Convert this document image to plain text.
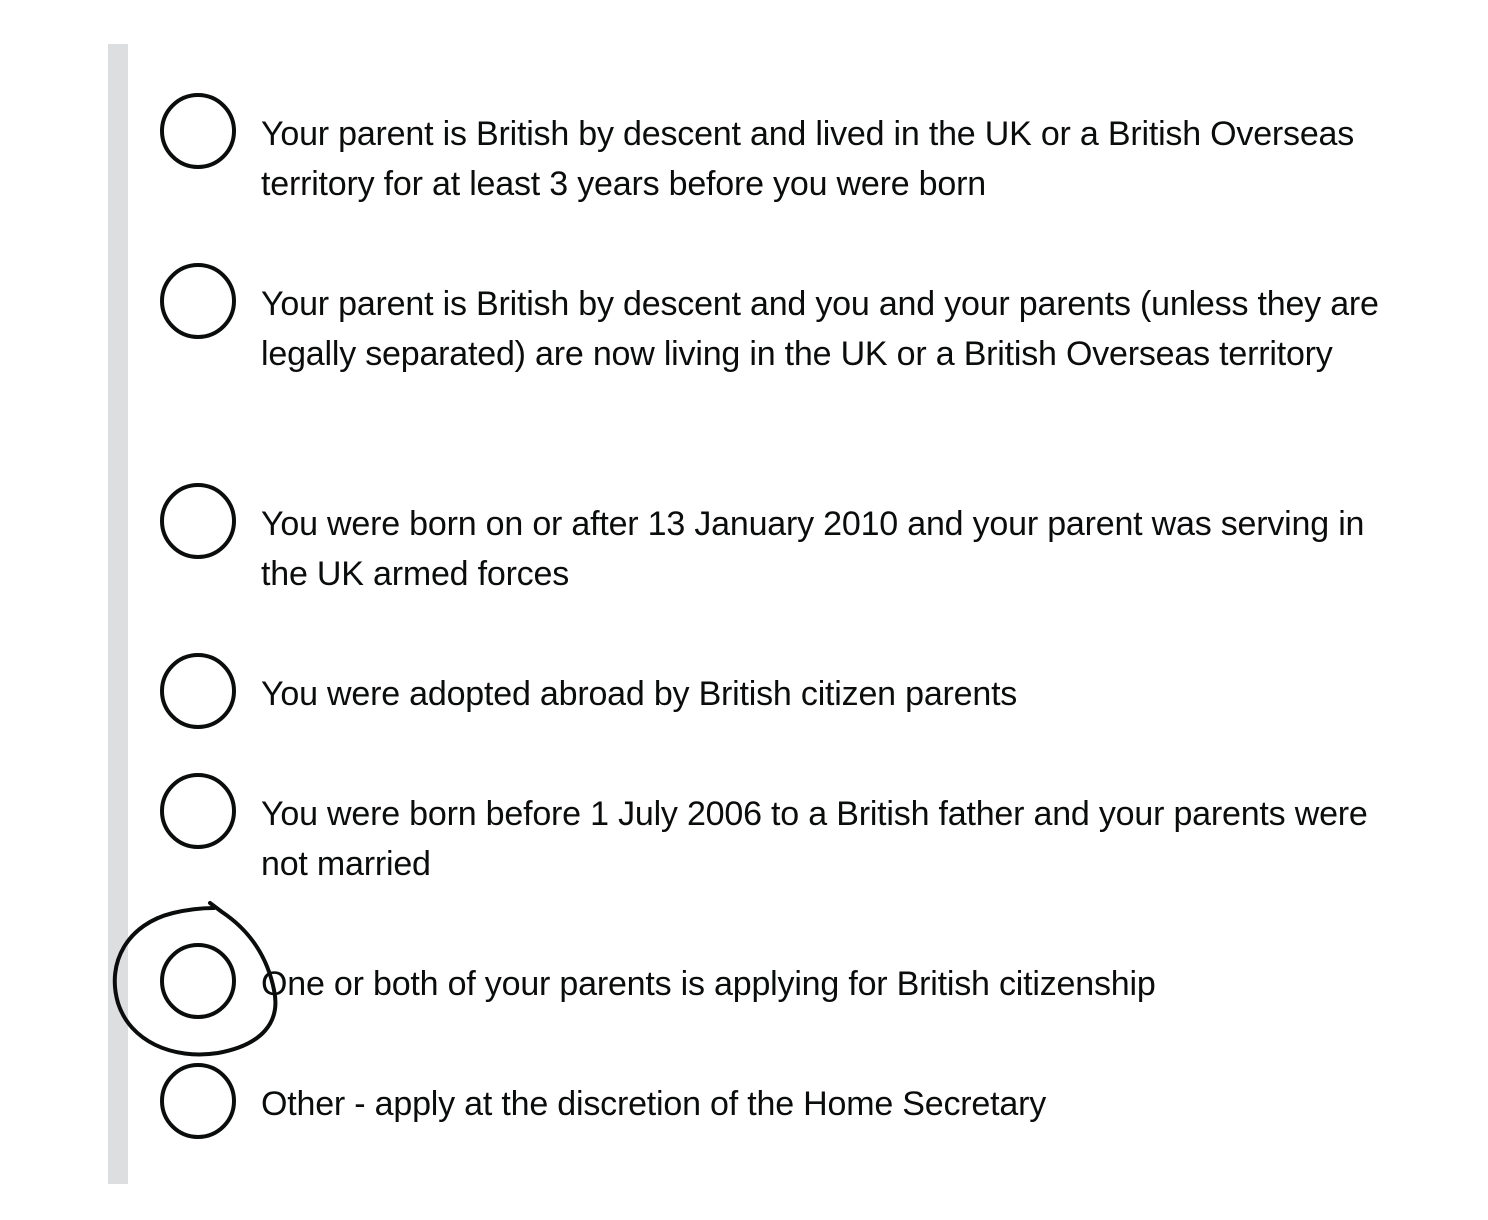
Your parent is British by descent and lived in the UK or a British Overseas territory for at least 3 years before you were born
Your parent is British by descent and you and your parents (unless they are legally separated) are now living in the UK or a British Overseas territory
You were born on or after 13 January 2010 and your parent was serving in the UK armed forces
You were adopted abroad by British citizen parents
You were born before 1 July 2006 to a British father and your parents were not married
One or both of your parents is applying for British citizenship
Other - apply at the discretion of the Home Secretary
